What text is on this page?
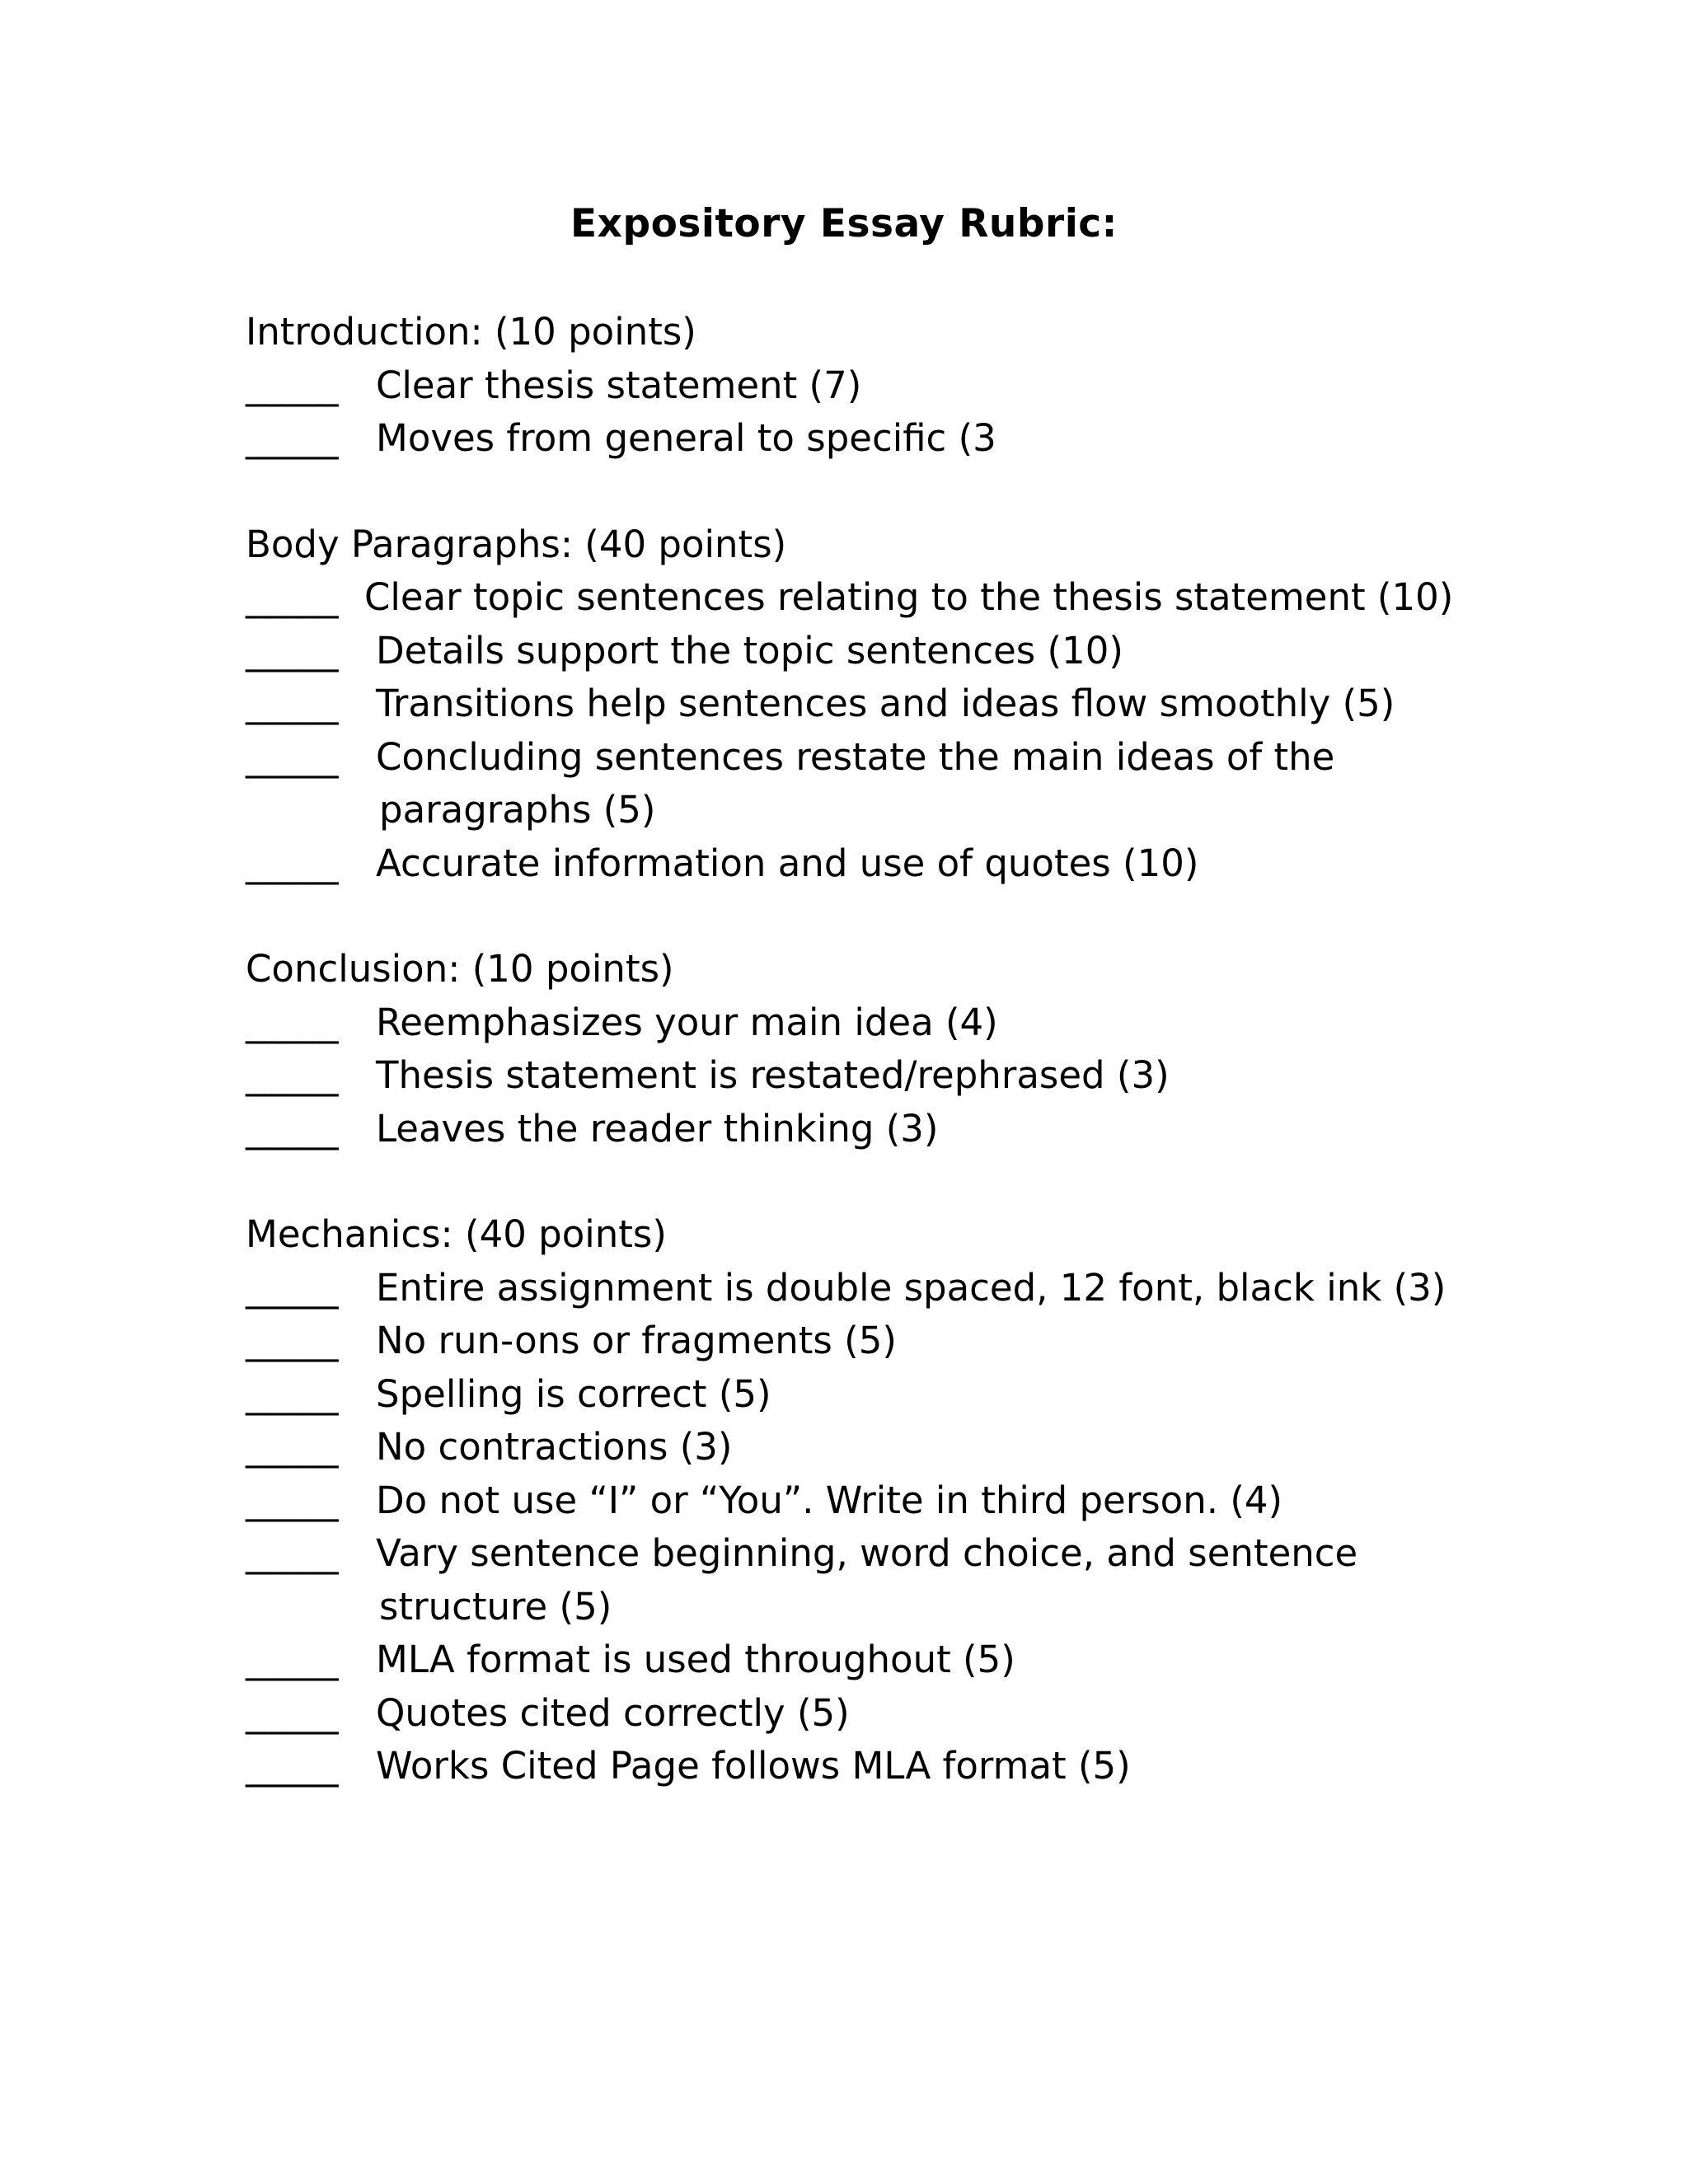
Expository Essay Rubric:
Introduction: (10 points)
_____	Clear thesis statement (7)
_____	Moves from general to specific (3
Body Paragraphs: (40 points)
_____ Clear topic sentences relating to the thesis statement (10)
_____	Details support the topic sentences (10)
_____	Transitions help sentences and ideas flow smoothly (5)
_____	Concluding sentences restate the main ideas of the
paragraphs (5)
_____	Accurate information and use of quotes (10)
Conclusion: (10 points)
_____	Reemphasizes your main idea (4)
_____	Thesis statement is restated/rephrased (3)
_____	Leaves the reader thinking (3)
Mechanics: (40 points)
_____	Entire assignment is double spaced, 12 font, black ink (3)
_____	No run-ons or fragments (5)
_____	Spelling is correct (5)
_____	No contractions (3)
_____	Do not use “I” or “You”. Write in third person. (4)
_____	Vary sentence beginning, word choice, and sentence
structure (5)
_____	MLA format is used throughout (5)
_____	Quotes cited correctly (5)
_____	Works Cited Page follows MLA format (5)
